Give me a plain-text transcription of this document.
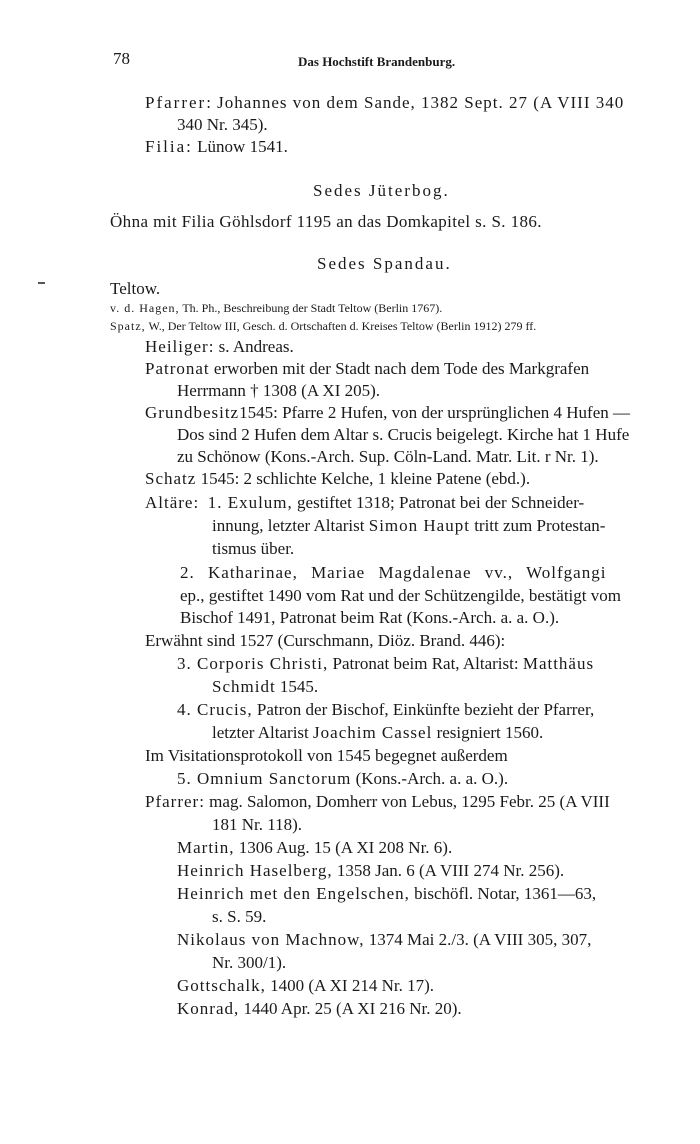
78	Das Hochstift Brandenburg.
Pfarrer: Johannes von dem Sande, 1382 Sept. 27 (A VIII 340
340 Nr. 345).
Filia: Lünow 1541.
Sedes Jüterbog.
Öhna mit Filia Göhlsdorf 1195 an das Domkapitel s. S. 186.
Sedes Spandau.
Teltow.
v. d. Hagen, Th. Ph., Beschreibung der Stadt Teltow (Berlin 1767).
Spatz, W., Der Teltow III, Gesch. d. Ortschaften d. Kreises Teltow (Berlin 1912) 279 ff.
Heiliger: s. Andreas.
Patronat erworben mit der Stadt nach dem Tode des Markgrafen
Herrmann † 1308 (A XI 205).
Grundbesitz1545: Pfarre 2 Hufen, von der ursprünglichen 4 Hufen —
Dos sind 2 Hufen dem Altar s. Crucis beigelegt. Kirche hat 1 Hufe
zu Schönow (Kons.-Arch. Sup. Cöln-Land. Matr. Lit. r Nr. 1).
Schatz 1545: 2 schlichte Kelche, 1 kleine Patene (ebd.).
Altäre: 1. Exulum, gestiftet 1318; Patronat bei der Schneider-
innung, letzter Altarist Simon Haupt tritt zum Protestan-
tismus über.
2. Katharinae, Mariae Magdalenae vv., Wolfgangi
ep., gestiftet 1490 vom Rat und der Schützengilde, bestätigt vom
Bischof 1491, Patronat beim Rat (Kons.-Arch. a. a. O.).
Erwähnt sind 1527 (Curschmann, Diöz. Brand. 446):
3. Corporis Christi, Patronat beim Rat, Altarist: Matthäus
Schmidt 1545.
4. Crucis, Patron der Bischof, Einkünfte bezieht der Pfarrer,
letzter Altarist Joachim Cassel resigniert 1560.
Im Visitationsprotokoll von 1545 begegnet außerdem
5. Omnium Sanctorum (Kons.-Arch. a. a. O.).
Pfarrer: mag. Salomon, Domherr von Lebus, 1295 Febr. 25 (A VIII
181 Nr. 118).
Martin, 1306 Aug. 15 (A XI 208 Nr. 6).
Heinrich Haselberg, 1358 Jan. 6 (A VIII 274 Nr. 256).
Heinrich met den Engelschen, bischöfl. Notar, 1361—63,
s. S. 59.
Nikolaus von Machnow, 1374 Mai 2./3. (A VIII 305, 307,
Nr. 300/1).
Gottschalk, 1400 (A XI 214 Nr. 17).
Konrad, 1440 Apr. 25 (A XI 216 Nr. 20).
